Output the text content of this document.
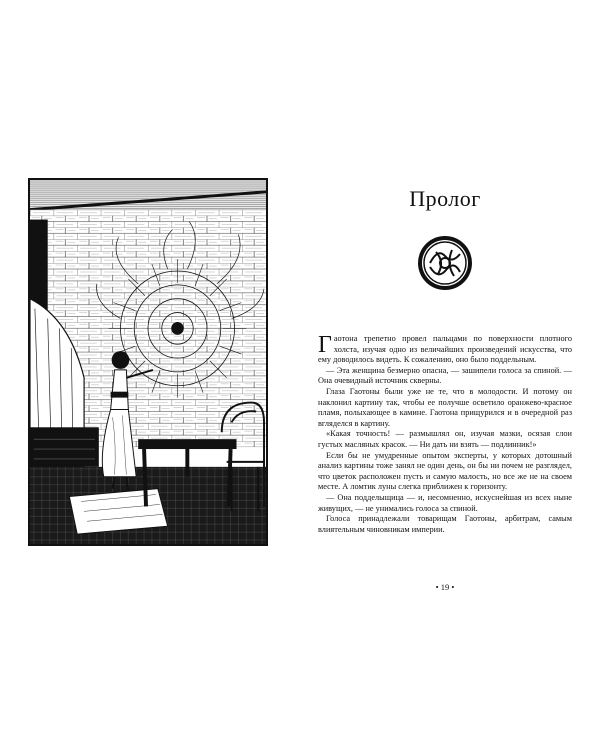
Пролог

Гаотона трепетно провел пальцами по поверхности плотного холста, изучая одно из величайших произведений искусства, что ему доводилось видеть. К сожалению, оно было поддельным.

— Эта женщина безмерно опасна, — зашипели голоса за спиной. — Она очевидный источник скверны.

Глаза Гаотоны были уже не те, что в молодости. И потому он наклонил картину так, чтобы ее получше осветило оранжево-красное пламя, полыхающее в камине. Гаотона прищурился и в очередной раз вгляделся в картину.

«Какая точность! — размышлял он, изучая мазки, осязая слои густых масляных красок. — Ни дать ни взять — подлинник!»

Если бы не умудренные опытом эксперты, у которых дотошный анализ картины тоже занял не один день, он бы ни почем не разглядел, что цветок расположен пусть и самую малость, но все же не на своем месте. А ломтик луны слегка приближен к горизонту.

— Она подделыщица — и, несомненно, искуснейшая из всех ныне живущих, — не унимались голоса за спиной.

Голоса принадлежали товарищам Гаотоны, арбитрам, самым влиятельным чиновникам империи.

• 19 •
